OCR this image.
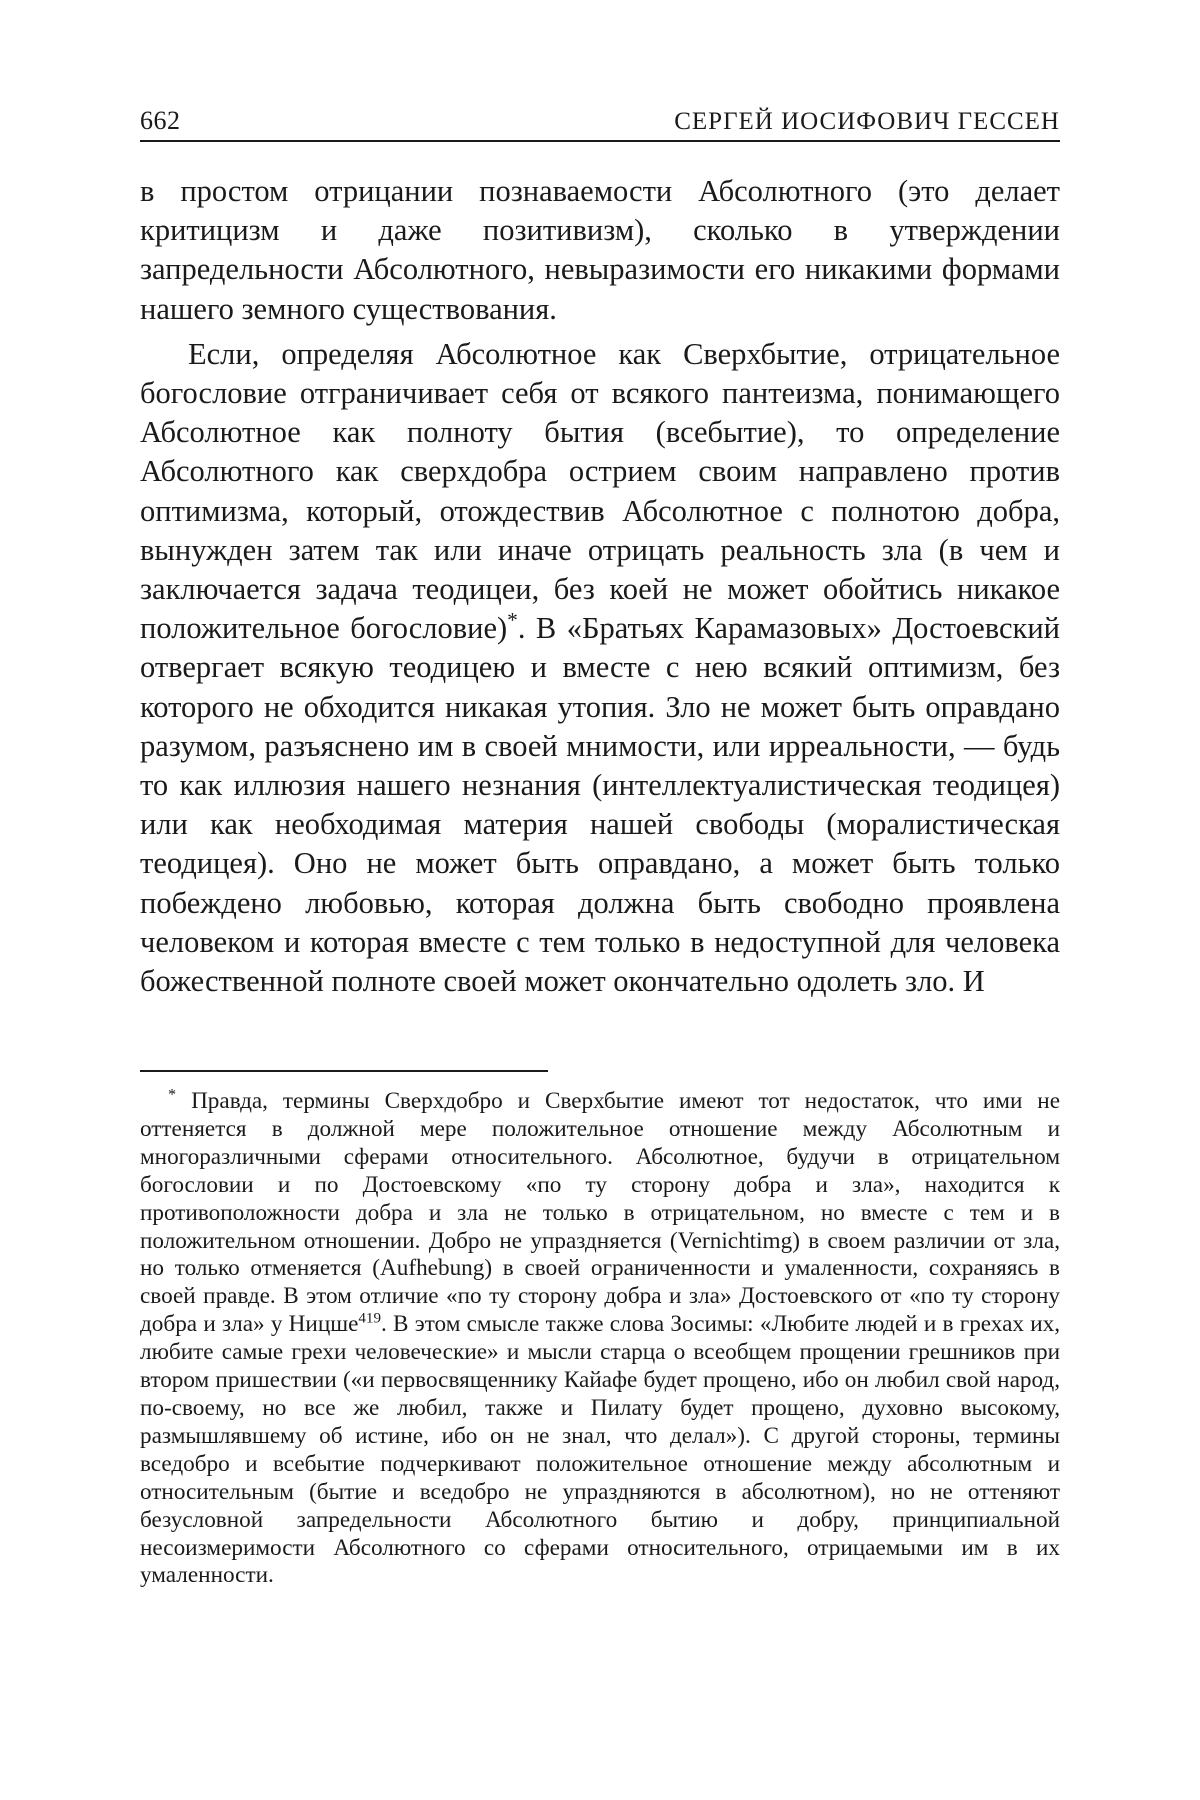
662	СЕРГЕЙ ИОСИФОВИЧ ГЕССЕН

в простом отрицании познаваемости Абсолютного (это делает критицизм и даже позитивизм), сколько в утверждении запредельности Абсолютного, невыразимости его никакими формами нашего земного существования.

Если, определяя Абсолютное как Сверхбытие, отрицательное богословие отграничивает себя от всякого пантеизма, понимающего Абсолютное как полноту бытия (всебытие), то определение Абсолютного как сверхдобра острием своим направлено против оптимизма, который, отождествив Абсолютное с полнотою добра, вынужден затем так или иначе отрицать реальность зла (в чем и заключается задача теодицеи, без коей не может обойтись никакое положительное богословие)*. В «Братьях Карамазовых» Достоевский отвергает всякую теодицею и вместе с нею всякий оптимизм, без которого не обходится никакая утопия. Зло не может быть оправдано разумом, разъяснено им в своей мнимости, или ирреальности, — будь то как иллюзия нашего незнания (интеллектуалистическая теодицея) или как необходимая материя нашей свободы (моралистическая теодицея). Оно не может быть оправдано, а может быть только побеждено любовью, которая должна быть свободно проявлена человеком и которая вместе с тем только в недоступной для человека божественной полноте своей может окончательно одолеть зло. И

* Правда, термины Сверхдобро и Сверхбытие имеют тот недостаток, что ими не оттеняется в должной мере положительное отношение между Абсолютным и многоразличными сферами относительного. Абсолютное, будучи в отрицательном богословии и по Достоевскому «по ту сторону добра и зла», находится к противоположности добра и зла не только в отрицательном, но вместе с тем и в положительном отношении. Добро не упраздняется (Vernichtimg) в своем различии от зла, но только отменяется (Aufhebung) в своей ограниченности и умаленности, сохраняясь в своей правде. В этом отличие «по ту сторону добра и зла» Достоевского от «по ту сторону добра и зла» у Ницше$^{419}$. В этом смысле также слова Зосимы: «Любите людей и в грехах их, любите самые грехи человеческие» и мысли старца о всеобщем прощении грешников при втором пришествии («и первосвященнику Кайафе будет прощено, ибо он любил свой народ, по-своему, но все же любил, также и Пилату будет прощено, духовно высокому, размышлявшему об истине, ибо он не знал, что делал»). С другой стороны, термины вседобро и всебытие подчеркивают положительное отношение между абсолютным и относительным (бытие и вседобро не упраздняются в абсолютном), но не оттеняют безусловной запредельности Абсолютного бытию и добру, принципиальной несоизмеримости Абсолютного со сферами относительного, отрицаемыми им в их умаленности.
